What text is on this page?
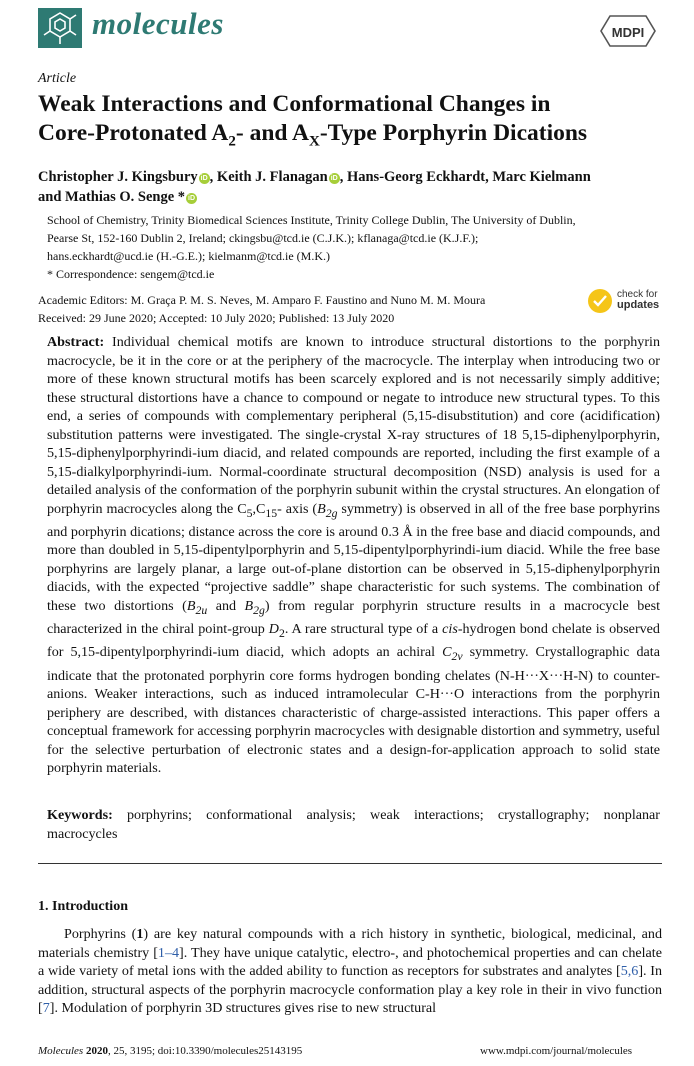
molecules	MDPI
Article
Weak Interactions and Conformational Changes in
Core-Protonated $A_2-$ and $A_X$-Type Porphyrin Dications
Christopher J. Kingsbury iD , Keith J. Flanagan iD , Hans-Georg Eckhardt, Marc Kielmann
and Mathias O. Senge * iD

School of Chemistry, Trinity Biomedical Sciences Institute, Trinity College Dublin, The University of Dublin,

Pearse St, 152-160 Dublin 2, Ireland; ckingsbu@tcd.ie (C.J.K.); kflanaga@tcd.ie (K.J.F.);

hans.eckhardt@ucd.ie (H.-G.E.); kielmanm@tcd.ie (M.K.)

* Correspondence: sengem@tcd.ie

Academic Editors: M. Graça P. M. S. Neves, M. Amparo F. Faustino and Nuno M. M. Moura

Received: 29 June 2020; Accepted: 10 July 2020; Published: 13 July 2020

check for
updates

Abstract: Individual chemical motifs are known to introduce structural distortions to the porphyrin macrocycle, be it in the core or at the periphery of the macrocycle. The interplay when introducing two or more of these known structural motifs has been scarcely explored and is not necessarily simply additive; these structural distortions have a chance to compound or negate to introduce new structural types. To this end, a series of compounds with complementary peripheral (5,15-disubstitution) and core (acidification) substitution patterns were investigated. The single-crystal X-ray structures of 18 5,15-diphenylporphyrin, 5,15-diphenylporphyrindi-ium diacid, and related compounds are reported, including the first example of a 5,15-dialkylporphyrindi-ium. Normal-coordinate structural decomposition (NSD) analysis is used for a detailed analysis of the conformation of the porphyrin subunit within the crystal structures. An elongation of porphyrin macrocycles along the $C_5,C_{15}-$ axis ($B_{2g}$ symmetry) is observed in all of the free base porphyrins and porphyrin dications; distance across the core is around 0.3 Å in the free base and diacid compounds, and more than doubled in 5,15-dipentylporphyrin and 5,15-dipentylporphyrindi-ium diacid. While the free base porphyrins are largely planar, a large out-of-plane distortion can be observed in 5,15-diphenylporphyrin diacids, with the expected “projective saddle” shape characteristic for such systems. The combination of these two distortions ($B_{2u}$ and $B_{2g}$) from regular porphyrin structure results in a macrocycle best characterized in the chiral point-group $D_2$. A rare structural type of a cis-hydrogen bond chelate is observed for 5,15-dipentylporphyrindi-ium diacid, which adopts an achiral $C_{2v}$ symmetry. Crystallographic data indicate that the protonated porphyrin core forms hydrogen bonding chelates (N-H···X···H-N) to counter-anions. Weaker interactions, such as induced intramolecular C-H···O interactions from the porphyrin periphery are described, with distances characteristic of charge-assisted interactions. This paper offers a conceptual framework for accessing porphyrin macrocycles with designable distortion and symmetry, useful for the selective perturbation of electronic states and a design-for-application approach to solid state porphyrin materials.

Keywords: porphyrins; conformational analysis; weak interactions; crystallography; nonplanar macrocycles

1. Introduction

Porphyrins (1) are key natural compounds with a rich history in synthetic, biological, medicinal, and materials chemistry [1–4]. They have unique catalytic, electro-, and photochemical properties and can chelate a wide variety of metal ions with the added ability to function as receptors for substrates and analytes [5,6]. In addition, structural aspects of the porphyrin macrocycle conformation play a key role in their in vivo function [7]. Modulation of porphyrin 3D structures gives rise to new structural

Molecules 2020, 25, 3195; doi:10.3390/molecules25143195	www.mdpi.com/journal/molecules
